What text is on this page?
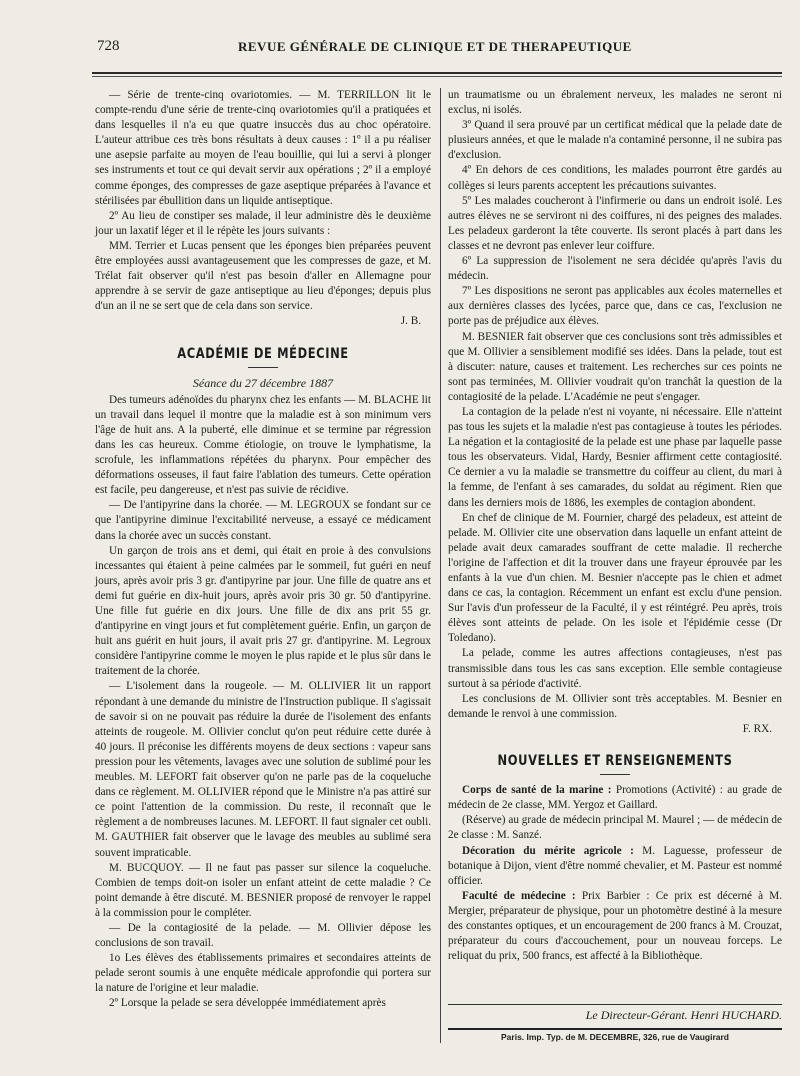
728	REVUE GÉNÉRALE DE CLINIQUE ET DE THERAPEUTIQUE

— Série de trente-cinq ovariotomies. — M. TERRILLON lit le compte-rendu d'une série de trente-cinq ovariotomies qu'il a pratiquées et dans lesquelles il n'a eu que quatre insuccès dus au choc opératoire. L'auteur attribue ces très bons résultats à deux causes : 1º il a pu réaliser une asepsie parfaite au moyen de l'eau bouillie, qui lui a servi à plonger ses instruments et tout ce qui devait servir aux opérations ; 2º il a employé comme éponges, des compresses de gaze aseptique préparées à l'avance et stérilisées par ébullition dans un liquide antiseptique.

2º Au lieu de constiper ses malade, il leur administre dès le deuxième jour un laxatif léger et il le répète les jours suivants :

MM. Terrier et Lucas pensent que les éponges bien préparées peuvent être employées aussi avantageusement que les compresses de gaze, et M. Trélat fait observer qu'il n'est pas besoin d'aller en Allemagne pour apprendre à se servir de gaze antiseptique au lieu d'éponges; depuis plus d'un an il ne se sert que de cela dans son service.

J. B.

ACADÉMIE DE MÉDECINE

Séance du 27 décembre 1887

Des tumeurs adénoïdes du pharynx chez les enfants — M. BLACHE lit un travail dans lequel il montre que la maladie est à son minimum vers l'âge de huit ans. A la puberté, elle diminue et se termine par régression dans les cas heureux. Comme étiologie, on trouve le lymphatisme, la scrofule, les inflammations répétées du pharynx. Pour empêcher des déformations osseuses, il faut faire l'ablation des tumeurs. Cette opération est facile, peu dangereuse, et n'est pas suivie de récidive.

— De l'antipyrine dans la chorée. — M. LEGROUX se fondant sur ce que l'antipyrine diminue l'excitabilité nerveuse, a essayé ce médicament dans la chorée avec un succès constant.

Un garçon de trois ans et demi, qui était en proie à des convulsions incessantes qui étaient à peine calmées par le sommeil, fut guéri en neuf jours, après avoir pris 3 gr. d'antipyrine par jour. Une fille de quatre ans et demi fut guérie en dix-huit jours, après avoir pris 30 gr. 50 d'antipyrine. Une fille fut guérie en dix jours. Une fille de dix ans prit 55 gr. d'antipyrine en vingt jours et fut complètement guérie. Enfin, un garçon de huit ans guérit en huit jours, il avait pris 27 gr. d'antipyrine. M. Legroux considère l'antipyrine comme le moyen le plus rapide et le plus sûr dans le traitement de la chorée.

— L'isolement dans la rougeole. — M. OLLIVIER lit un rapport répondant à une demande du ministre de l'Instruction publique. Il s'agissait de savoir si on ne pouvait pas réduire la durée de l'isolement des enfants atteints de rougeole. M. Ollivier conclut qu'on peut réduire cette durée à 40 jours. Il préconise les différents moyens de deux sections : vapeur sans pression pour les vêtements, lavages avec une solution de sublimé pour les meubles. M. LEFORT fait observer qu'on ne parle pas de la coqueluche dans ce règlement. M. OLLIVIER répond que le Ministre n'a pas attiré sur ce point l'attention de la commission. Du reste, il reconnaît que le règlement a de nombreuses lacunes. M. LEFORT. Il faut signaler cet oubli. M. GAUTHIER fait observer que le lavage des meubles au sublimé sera souvent impraticable.

M. BUCQUOY. — Il ne faut pas passer sur silence la coqueluche. Combien de temps doit-on isoler un enfant atteint de cette maladie ? Ce point demande à être discuté. M. BESNIER proposé de renvoyer le rappel à la commission pour le compléter.

— De la contagiosité de la pelade. — M. Ollivier dépose les conclusions de son travail.

1o Les élèves des établissements primaires et secondaires atteints de pelade seront soumis à une enquête médicale approfondie qui portera sur la nature de l'origine et leur maladie.

2º Lorsque la pelade se sera développée immédiatement après

un traumatisme ou un ébralement nerveux, les malades ne seront ni exclus, ni isolés.

3º Quand il sera prouvé par un certificat médical que la pelade date de plusieurs années, et que le malade n'a contaminé personne, il ne subira pas d'exclusion.

4º En dehors de ces conditions, les malades pourront être gardés au collèges si leurs parents acceptent les précautions suivantes.

5º Les malades coucheront à l'infirmerie ou dans un endroit isolé. Les autres élèves ne se serviront ni des coiffures, ni des peignes des malades. Les peladeux garderont la tête couverte. Ils seront placés à part dans les classes et ne devront pas enlever leur coiffure.

6º La suppression de l'isolement ne sera décidée qu'après l'avis du médecin.

7º Les dispositions ne seront pas applicables aux écoles maternelles et aux dernières classes des lycées, parce que, dans ce cas, l'exclusion ne porte pas de préjudice aux élèves.

M. BESNIER fait observer que ces conclusions sont très admissibles et que M. Ollivier a sensiblement modifié ses idées. Dans la pelade, tout est à discuter: nature, causes et traitement. Les recherches sur ces points ne sont pas terminées, M. Ollivier voudrait qu'on tranchât la question de la contagiosité de la pelade. L'Académie ne peut s'engager.

La contagion de la pelade n'est ni voyante, ni nécessaire. Elle n'atteint pas tous les sujets et la maladie n'est pas contagieuse à toutes les périodes. La négation et la contagiosité de la pelade est une phase par laquelle passe tous les observateurs. Vidal, Hardy, Besnier affirment cette contagiosité. Ce dernier a vu la maladie se transmettre du coiffeur au client, du mari à la femme, de l'enfant à ses camarades, du soldat au régiment. Rien que dans les derniers mois de 1886, les exemples de contagion abondent.

En chef de clinique de M. Fournier, chargé des peladeux, est atteint de pelade. M. Ollivier cite une observation dans laquelle un enfant atteint de pelade avait deux camarades souffrant de cette maladie. Il recherche l'origine de l'affection et dit la trouver dans une frayeur éprouvée par les enfants à la vue d'un chien. M. Besnier n'accepte pas le chien et admet dans ce cas, la contagion. Récemment un enfant est exclu d'une pension. Sur l'avis d'un professeur de la Faculté, il y est réintégré. Peu après, trois élèves sont atteints de pelade. On les isole et l'épidémie cesse (Dr Toledano).

La pelade, comme les autres affections contagieuses, n'est pas transmissible dans tous les cas sans exception. Elle semble contagieuse surtout à sa période d'activité.

Les conclusions de M. Ollivier sont très acceptables. M. Besnier en demande le renvoi à une commission.

F. RX.

NOUVELLES ET RENSEIGNEMENTS

Corps de santé de la marine : Promotions (Activité) : au grade de médecin de 2e classe, MM. Yergoz et Gaillard.

(Réserve) au grade de médecin principal M. Maurel ; — de médecin de 2e classe : M. Sanzé.

Décoration du mérite agricole : M. Laguesse, professeur de botanique à Dijon, vient d'être nommé chevalier, et M. Pasteur est nommé officier.

Faculté de médecine : Prix Barbier : Ce prix est décerné à M. Mergier, préparateur de physique, pour un photomètre destiné à la mesure des constantes optiques, et un encouragement de 200 francs à M. Crouzat, préparateur du cours d'accouchement, pour un nouveau forceps. Le reliquat du prix, 500 francs, est affecté à la Bibliothèque.

Le Directeur-Gérant. Henri HUCHARD.
Paris. Imp. Typ. de M. DECEMBRE, 326, rue de Vaugirard
